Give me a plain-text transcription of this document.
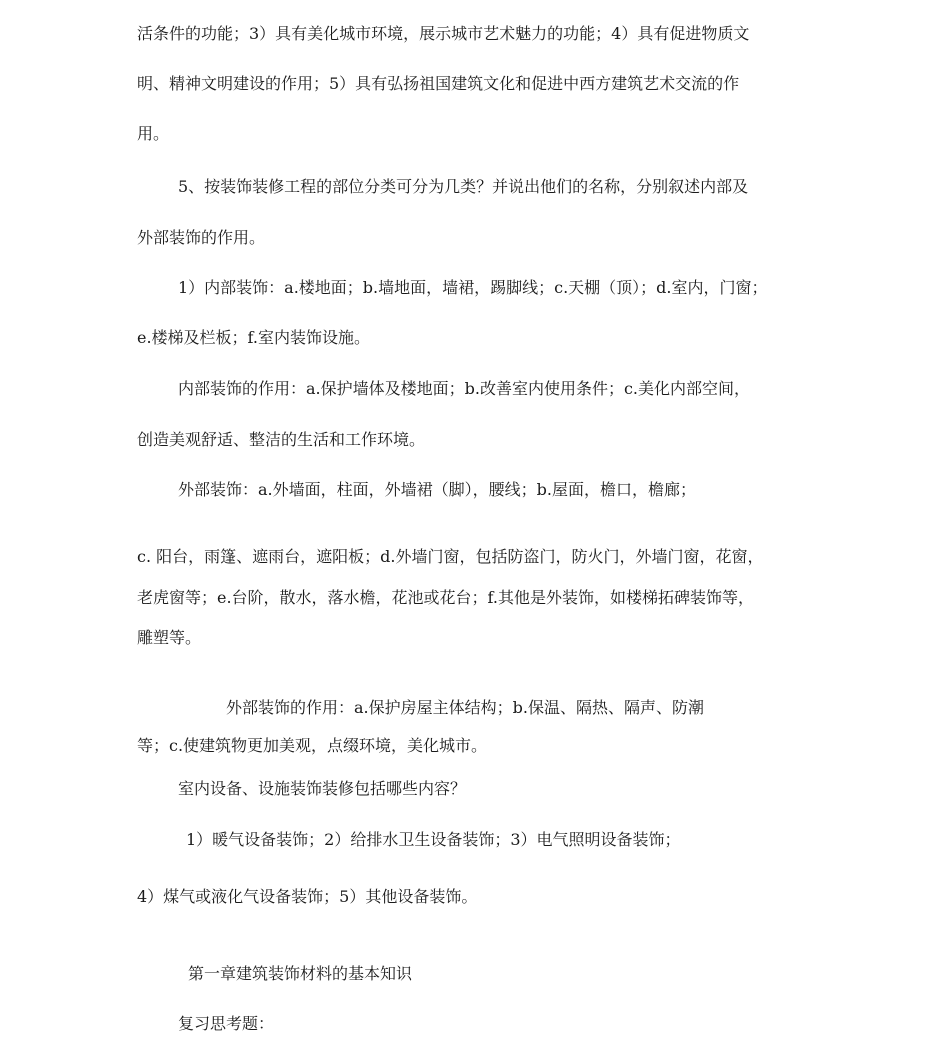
活条件的功能；3）具有美化城市环境，展示城市艺术魅力的功能；4）具有促进物质文
明、精神文明建设的作用；5）具有弘扬祖国建筑文化和促进中西方建筑艺术交流的作
用。
5、按装饰装修工程的部位分类可分为几类？并说出他们的名称，分别叙述内部及
外部装饰的作用。
1）内部装饰：a.楼地面；b.墙地面，墙裙，踢脚线；c.天棚（顶）；d.室内，门窗；
e.楼梯及栏板；f.室内装饰设施。
内部装饰的作用：a.保护墙体及楼地面；b.改善室内使用条件；c.美化内部空间，
创造美观舒适、整洁的生活和工作环境。
外部装饰：a.外墙面，柱面，外墙裙（脚），腰线；b.屋面，檐口，檐廊；
c. 阳台，雨篷、遮雨台，遮阳板；d.外墙门窗，包括防盗门，防火门，外墙门窗，花窗，
老虎窗等；e.台阶，散水，落水檐，花池或花台；f.其他是外装饰，如楼梯拓碑装饰等，
雕塑等。
外部装饰的作用：a.保护房屋主体结构；b.保温、隔热、隔声、防潮
等；c.使建筑物更加美观，点缀环境，美化城市。
室内设备、设施装饰装修包括哪些内容？
1）暖气设备装饰；2）给排水卫生设备装饰；3）电气照明设备装饰；
4）煤气或液化气设备装饰；5）其他设备装饰。
第一章建筑装饰材料的基本知识
复习思考题：
